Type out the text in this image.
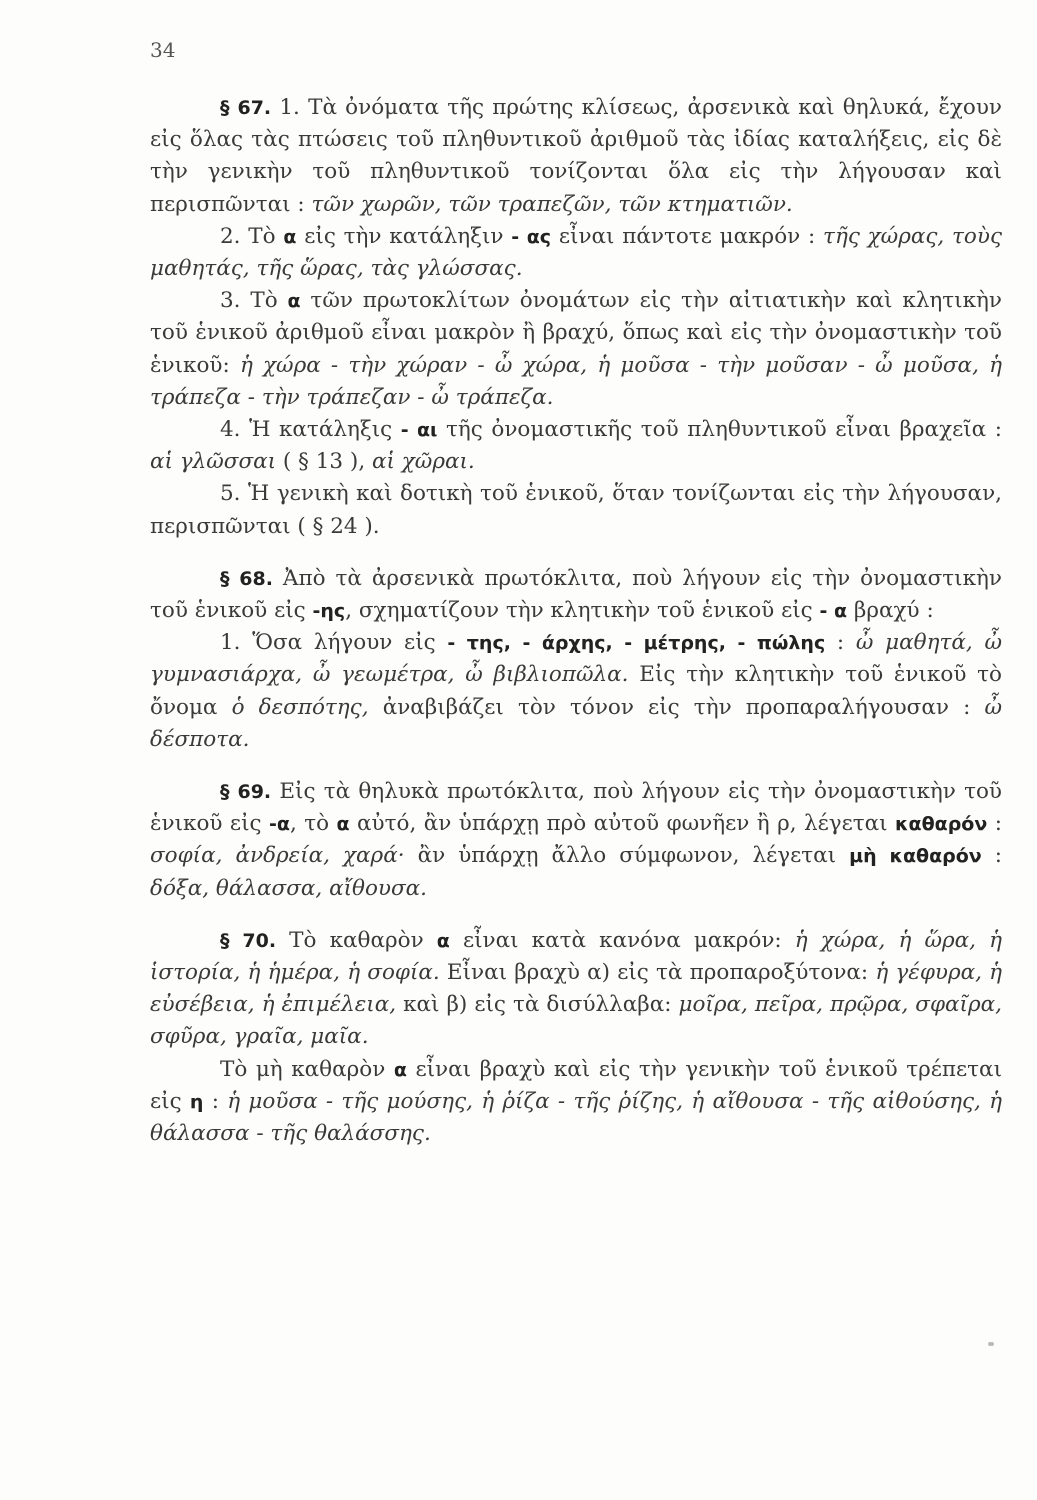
34

§ 67. 1. Τὰ ὀνόματα τῆς πρώτης κλίσεως, ἀρσενικὰ καὶ θηλυκά, ἔχουν εἰς ὅλας τὰς πτώσεις τοῦ πληθυντικοῦ ἀριθμοῦ τὰς ἰδίας καταλήξεις, εἰς δὲ τὴν γενικὴν τοῦ πληθυντικοῦ τονίζονται ὅλα εἰς τὴν λήγουσαν καὶ περισπῶνται : τῶν χωρῶν, τῶν τραπεζῶν, τῶν κτηματιῶν.

2. Τὸ α εἰς τὴν κατάληξιν - ας εἶναι πάντοτε μακρόν : τῆς χώρας, τοὺς μαθητάς, τῆς ὥρας, τὰς γλώσσας.

3. Τὸ α τῶν πρωτοκλίτων ὀνομάτων εἰς τὴν αἰτιατικὴν καὶ κλητικὴν τοῦ ἑνικοῦ ἀριθμοῦ εἶναι μακρὸν ἢ βραχύ, ὅπως καὶ εἰς τὴν ὀνομαστικὴν τοῦ ἑνικοῦ: ἡ χώρα - τὴν χώραν - ὦ χώρα, ἡ μοῦσα - τὴν μοῦσαν - ὦ μοῦσα, ἡ τράπεζα - τὴν τράπεζαν - ὦ τράπεζα.

4. Ἡ κατάληξις - αι τῆς ὀνομαστικῆς τοῦ πληθυντικοῦ εἶναι βραχεῖα : αἱ γλῶσσαι ( § 13 ), αἱ χῶραι.

5. Ἡ γενικὴ καὶ δοτικὴ τοῦ ἑνικοῦ, ὅταν τονίζωνται εἰς τὴν λήγουσαν, περισπῶνται ( § 24 ).

§ 68. Ἀπὸ τὰ ἀρσενικὰ πρωτόκλιτα, ποὺ λήγουν εἰς τὴν ὀνομαστικὴν τοῦ ἑνικοῦ εἰς -ης, σχηματίζουν τὴν κλητικὴν τοῦ ἑνικοῦ εἰς - α βραχύ :

1. Ὅσα λήγουν εἰς - της, - άρχης, - μέτρης, - πώλης : ὦ μαθητά, ὦ γυμνασιάρχα, ὦ γεωμέτρα, ὦ βιβλιοπῶλα. Εἰς τὴν κλητικὴν τοῦ ἑνικοῦ τὸ ὄνομα ὁ δεσπότης, ἀναβιβάζει τὸν τόνον εἰς τὴν προπαραλήγουσαν : ὦ δέσποτα.

§ 69. Εἰς τὰ θηλυκὰ πρωτόκλιτα, ποὺ λήγουν εἰς τὴν ὀνομαστικὴν τοῦ ἑνικοῦ εἰς -α, τὸ α αὐτό, ἂν ὑπάρχῃ πρὸ αὐτοῦ φωνῆεν ἢ ρ, λέγεται καθαρόν : σοφία, ἀνδρεία, χαρά· ἂν ὑπάρχῃ ἄλλο σύμφωνον, λέγεται μὴ καθαρόν : δόξα, θάλασσα, αἴθουσα.

§ 70. Τὸ καθαρὸν α εἶναι κατὰ κανόνα μακρόν: ἡ χώρα, ἡ ὥρα, ἡ ἱστορία, ἡ ἡμέρα, ἡ σοφία. Εἶναι βραχὺ α) εἰς τὰ προπαροξύτονα: ἡ γέφυρα, ἡ εὐσέβεια, ἡ ἐπιμέλεια, καὶ β) εἰς τὰ δισύλλαβα: μοῖρα, πεῖρα, πρῷρα, σφαῖρα, σφῦρα, γραῖα, μαῖα.

Τὸ μὴ καθαρὸν α εἶναι βραχὺ καὶ εἰς τὴν γενικὴν τοῦ ἑνικοῦ τρέπεται εἰς η : ἡ μοῦσα - τῆς μούσης, ἡ ῥίζα - τῆς ῥίζης, ἡ αἴθουσα - τῆς αἰθούσης, ἡ θάλασσα - τῆς θαλάσσης.
